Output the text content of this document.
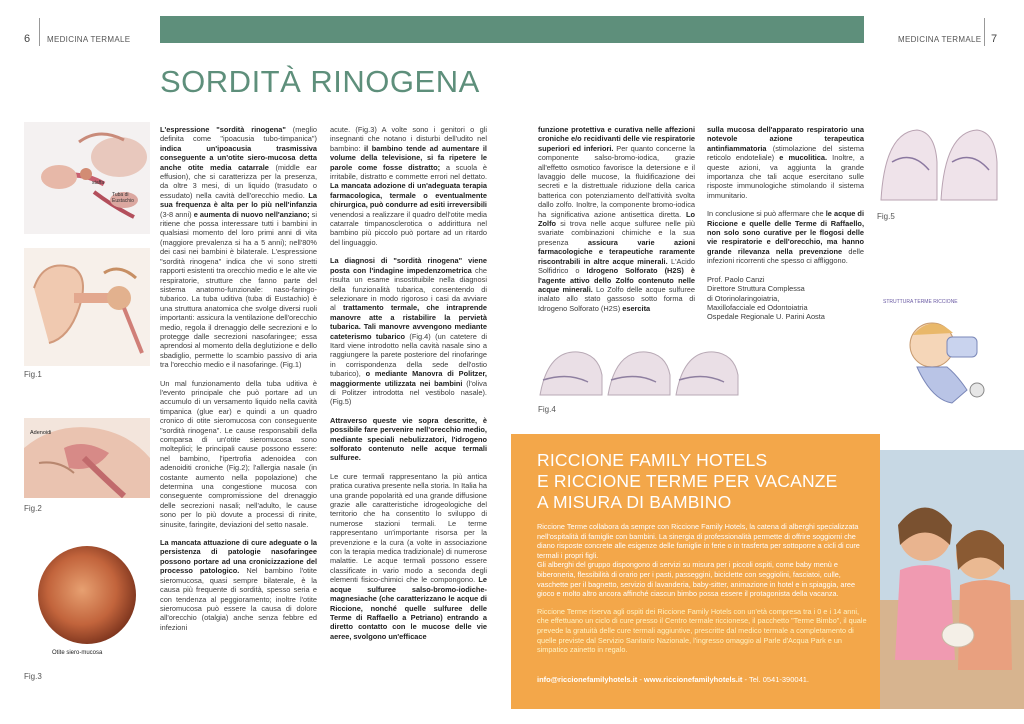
6 MEDICINA TERMALE	MEDICINA TERMALE 7
SORDITÀ RINOGENA
Tuba di Eustachio
staffa
Fig.1
Adenoidi
Fig.2
Otite siero-mucosa
Fig.3

L'espressione "sordità rinogena" (meglio definita come "ipoacusia tubo-timpanica") indica un'ipoacusia trasmissiva conseguente a un'otite siero-mucosa detta anche otite media catarrale (middle ear effusion), che si caratterizza per la presenza, da oltre 3 mesi, di un liquido (trasudato o essudato) nella cavità dell'orecchio medio. La sua frequenza è alta per lo più nell'infanzia (3-8 anni) e aumenta di nuovo nell'anziano; si ritiene che possa interessare tutti i bambini in qualsiasi momento del loro primi anni di vita (maggiore prevalenza si ha a 5 anni); nell'80% dei casi nei bambini è bilaterale. L'espressione "sordità rinogena" indica che vi sono stretti rapporti esistenti tra orecchio medio e le alte vie respiratorie, strutture che fanno parte del sistema anatomo-funzionale: naso-faringo-tubarico. La tuba uditiva (tuba di Eustachio) è una struttura anatomica che svolge diversi ruoli importanti: assicura la ventilazione dell'orecchio medio, regola il drenaggio delle secrezioni e lo protegge dalle secrezioni nasofaringee; essa aprendosi al momento della deglutizione e dello sbadiglio, permette lo scambio passivo di aria tra l'orecchio medio e il nasofaringe. (Fig.1)

Un mal funzionamento della tuba uditiva è l'evento principale che può portare ad un accumulo di un versamento liquido nella cavità timpanica (glue ear) e quindi a un quadro cronico di otite sieromucosa con conseguente "sordità rinogena". Le cause responsabili della comparsa di un'otite sieromucosa sono molteplici; le principali cause possono essere: nel bambino, l'ipertrofia adenoidea con adenoiditi croniche (Fig.2); l'allergia nasale (in costante aumento nella popolazione) che determina una congestione mucosa con conseguente compromissione del drenaggio delle secrezioni nasali; nell'adulto, le cause sono per lo più dovute a processi di rinite, sinusite, faringite, deviazioni del setto nasale.

La mancata attuazione di cure adeguate o la persistenza di patologie nasofaringee possono portare ad una cronicizzazione del processo patologico. Nel bambino l'otite sieromucosa, quasi sempre bilaterale, è la causa più frequente di sordità, spesso seria e con tendenza al peggioramento; inoltre l'otite sieromucosa può essere la causa di dolore all'orecchio (otalgia) anche senza febbre ed infezioni

acute. (Fig.3) A volte sono i genitori o gli insegnanti che notano i disturbi dell'udito nel bambino: il bambino tende ad aumentare il volume della televisione, si fa ripetere le parole come fosse distratto; a scuola è irritabile, distratto e commette errori nel dettato. La mancata adozione di un'adeguata terapia farmacologica, termale o eventualmente chirurgica, può condurre ad esiti irreversibili venendosi a realizzare il quadro dell'otite media catarrale timpanosclerotica o addirittura nel bambino più piccolo può portare ad un ritardo del linguaggio.

La diagnosi di "sordità rinogena" viene posta con l'indagine impedenzometrica che risulta un esame insostituibile nella diagnosi della funzionalità tubarica, consentendo di selezionare in modo rigoroso i casi da avviare al trattamento termale, che intraprende manovre atte a ristabilire la pervietà tubarica. Tali manovre avvengono mediante cateterismo tubarico (Fig.4) (un catetere di Itard viene introdotto nella cavità nasale sino a raggiungere la parete posteriore del rinofaringe in corrispondenza della sede dell'ostio tubarico), o mediante Manovra di Politzer, maggiormente utilizzata nei bambini (l'oliva di Politzer introdotta nel vestibolo nasale). (Fig.5)

Attraverso queste vie sopra descritte, è possibile fare pervenire nell'orecchio medio, mediante speciali nebulizzatori, l'idrogeno solforato contenuto nelle acque termali sulfuree.

Le cure termali rappresentano la più antica pratica curativa presente nella storia. In Italia ha una grande popolarità ed una grande diffusione grazie alle caratteristiche idrogeologiche del territorio che ha consentito lo sviluppo di numerose stazioni termali. Le terme rappresentano un'importante risorsa per la prevenzione e la cura (a volte in associazione con la terapia medica tradizionale) di numerose malattie. Le acque termali possono essere classificate in vario modo a seconda degli elementi fisico-chimici che le compongono. Le acque sulfuree salso-bromo-iodiche-magnesiache (che caratterizzano le acque di Riccione, nonché quelle sulfuree delle Terme di Raffaello a Petriano) entrando a diretto contatto con le mucose delle vie aeree, svolgono un'efficace

funzione protettiva e curativa nelle affezioni croniche e/o recidivanti delle vie respiratorie superiori ed inferiori. Per quanto concerne la componente salso-bromo-iodica, grazie all'effetto osmotico favorisce la detersione e il lavaggio delle mucose, la fluidificazione dei secreti e la distrettuale riduzione della carica batterica con potenziamento dell'attività svolta dallo zolfo. Inoltre, la componente bromo-iodica ha significativa azione antisettica diretta. Lo Zolfo si trova nelle acque sulfuree nelle più svariate combinazioni chimiche e la sua presenza assicura varie azioni farmacologiche e terapeutiche raramente riscontrabili in altre acque minerali. L'Acido Solfidrico o Idrogeno Solforato (H2S) è l'agente attivo dello Zolfo contenuto nelle acque minerali. Lo Zolfo delle acque sulfuree inalato allo stato gassoso sotto forma di Idrogeno Solforato (H2S) esercita

sulla mucosa dell'apparato respiratorio una notevole azione terapeutica antinfiammatoria (stimolazione del sistema reticolo endoteliale) e mucolitica. Inoltre, a queste azioni, va aggiunta la grande importanza che tali acque esercitano sulle risposte immunologiche stimolando il sistema immunitario.

In conclusione si può affermare che le acque di Riccione e quelle delle Terme di Raffaello, non solo sono curative per le flogosi delle vie respiratorie e dell'orecchio, ma hanno grande rilevanza nella prevenzione delle infezioni ricorrenti che spesso ci affliggono.

Prof. Paolo Canzi
Direttore Struttura Complessa
di Otorinolaringoiatria,
Maxillofacciale ed Odontoiatria
Ospedale Regionale U. Parini Aosta
Fig.4
Fig.5
STRUTTURA TERME RICCIONE
RICCIONE FAMILY HOTELS
E RICCIONE TERME PER VACANZE
A MISURA DI BAMBINO

Riccione Terme collabora da sempre con Riccione Family Hotels, la catena di alberghi specializzata nell'ospitalità di famiglie con bambini. La sinergia di professionalità permette di offrire soggiorni che diano risposte concrete alle esigenze delle famiglie in ferie o in trasferta per sottoporre a cicli di cure termali i propri figli.

Gli alberghi del gruppo dispongono di servizi su misura per i piccoli ospiti, come baby menù e biberoneria, flessibilità di orario per i pasti, passeggini, biciclette con seggiolini, fasciatoi, culle, vaschette per il bagnetto, servizio di lavanderia, baby-sitter, animazione in hotel e in spiaggia, aree gioco e molto altro ancora affinché ciascun bimbo possa essere il protagonista della vacanza.

Riccione Terme riserva agli ospiti dei Riccione Family Hotels con un'età compresa tra i 0 e i 14 anni, che effettuano un ciclo di cure presso il Centro termale riccionese, il pacchetto "Terme Bimbo", il quale prevede la gratuità delle cure termali aggiuntive, prescritte dal medico termale a completamento di quelle previste dal Servizio Sanitario Nazionale, l'ingresso omaggio al Parle d'Acqua Park e un simpatico zainetto in regalo.

info@riccionefamilyhotels.it - www.riccionefamilyhotels.it - Tel. 0541-390041.
